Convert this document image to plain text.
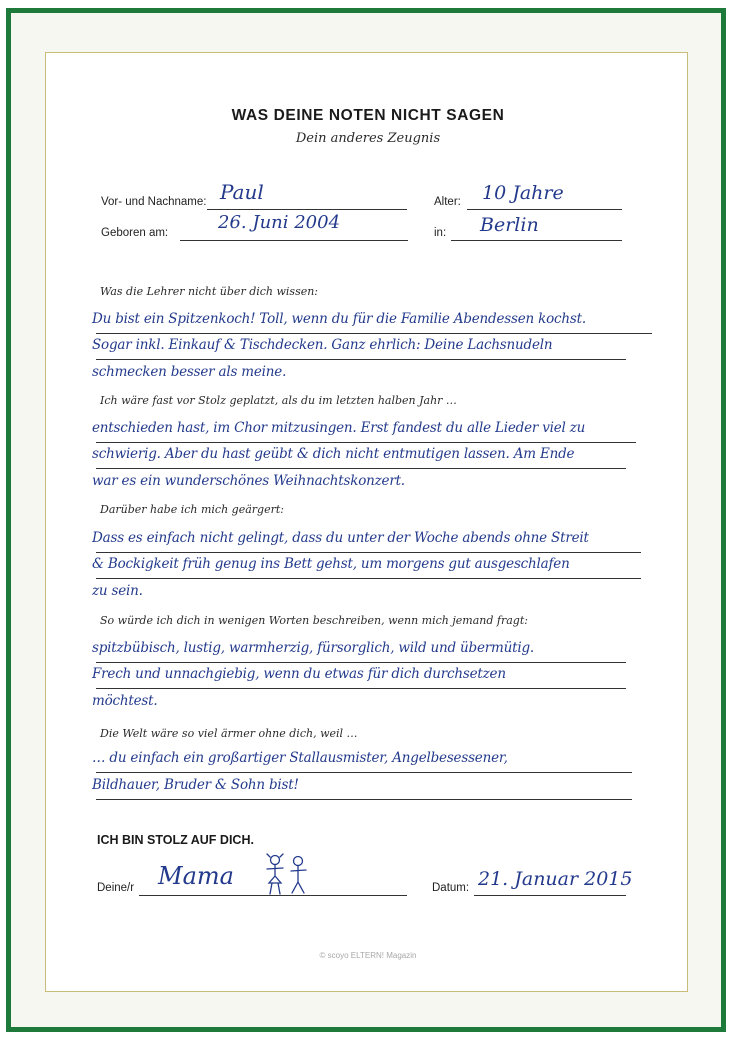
WAS DEINE NOTEN NICHT SAGEN
Dein anderes Zeugnis
Vor- und Nachname: Paul	Alter: 10 Jahre
Geboren am:	26. Juni 2004	in: Berlin
Was die Lehrer nicht über dich wissen:
Du bist ein Spitzenkoch! Toll, wenn du für die Familie Abendessen kochst.
Sogar inkl. Einkauf & Tischdecken. Ganz ehrlich: Deine Lachsnudeln
schmecken besser als meine.
Ich wäre fast vor Stolz geplatzt, als du im letzten halben Jahr …
entschieden hast, im Chor mitzusingen. Erst fandest du alle Lieder viel zu
schwierig. Aber du hast geübt & dich nicht entmutigen lassen. Am Ende
war es ein wunderschönes Weihnachtskonzert.
Darüber habe ich mich geärgert:
Dass es einfach nicht gelingt, dass du unter der Woche abends ohne Streit
& Bockigkeit früh genug ins Bett gehst, um morgens gut ausgeschlafen
zu sein.
So würde ich dich in wenigen Worten beschreiben, wenn mich jemand fragt:
spitzbübisch, lustig, warmherzig, fürsorglich, wild und übermütig.
Frech und unnachgiebig, wenn du etwas für dich durchsetzen
möchtest.
Die Welt wäre so viel ärmer ohne dich, weil …
… du einfach ein großartiger Stallausmister, Angelbesessener,
Bildhauer, Bruder & Sohn bist!
ICH BIN STOLZ AUF DICH.
Deine/r Mama	Datum: 21. Januar 2015
© scoyo ELTERN! Magazin
